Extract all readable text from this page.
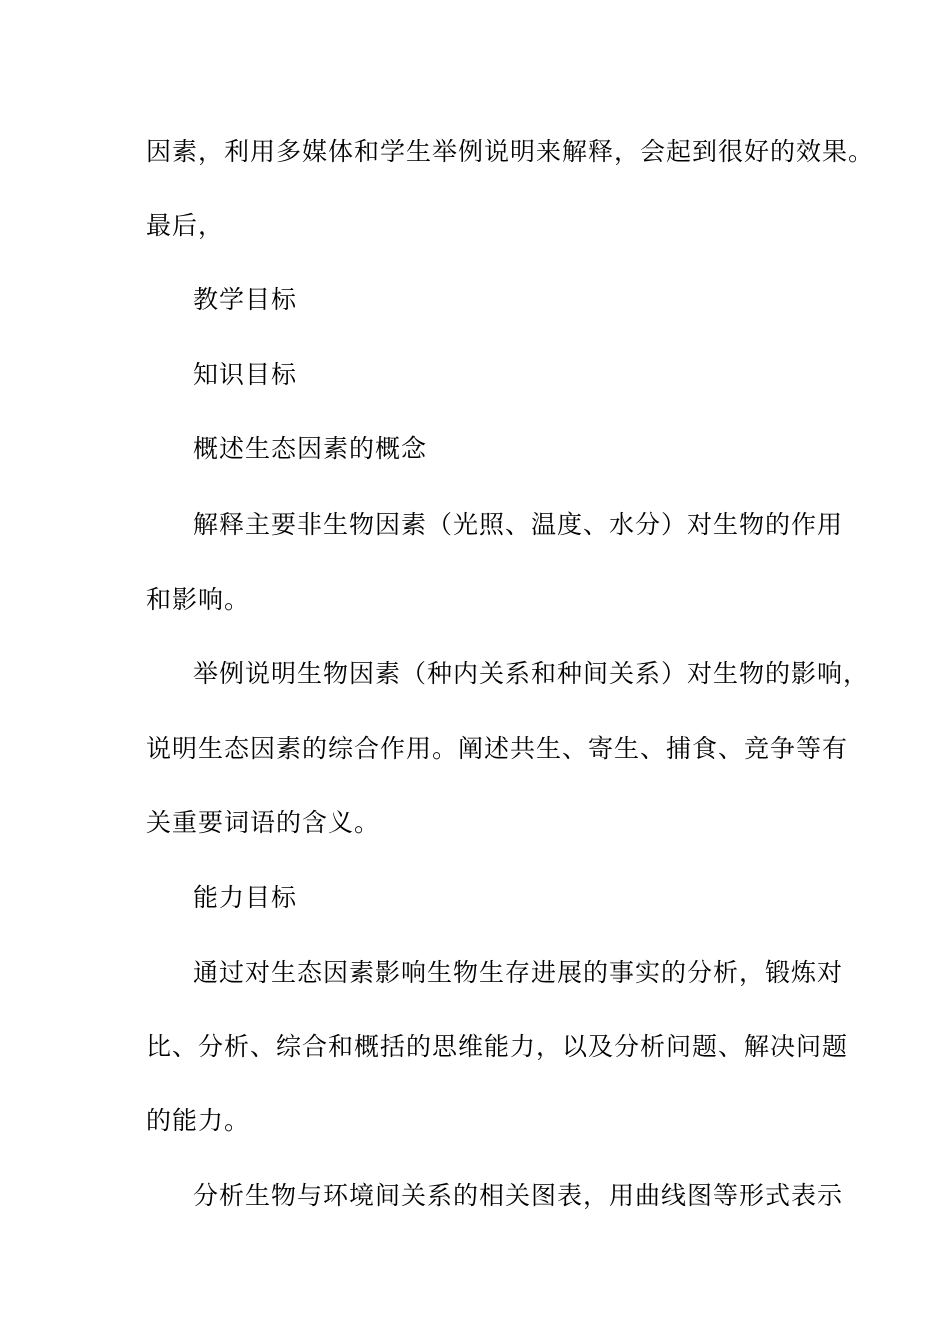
因素，利用多媒体和学生举例说明来解释，会起到很好的效果。
最后，
教学目标
知识目标
概述生态因素的概念
解释主要非生物因素（光照、温度、水分）对生物的作用
和影响。
举例说明生物因素（种内关系和种间关系）对生物的影响，
说明生态因素的综合作用。阐述共生、寄生、捕食、竞争等有
关重要词语的含义。
能力目标
通过对生态因素影响生物生存进展的事实的分析，锻炼对
比、分析、综合和概括的思维能力，以及分析问题、解决问题
的能力。
分析生物与环境间关系的相关图表，用曲线图等形式表示
